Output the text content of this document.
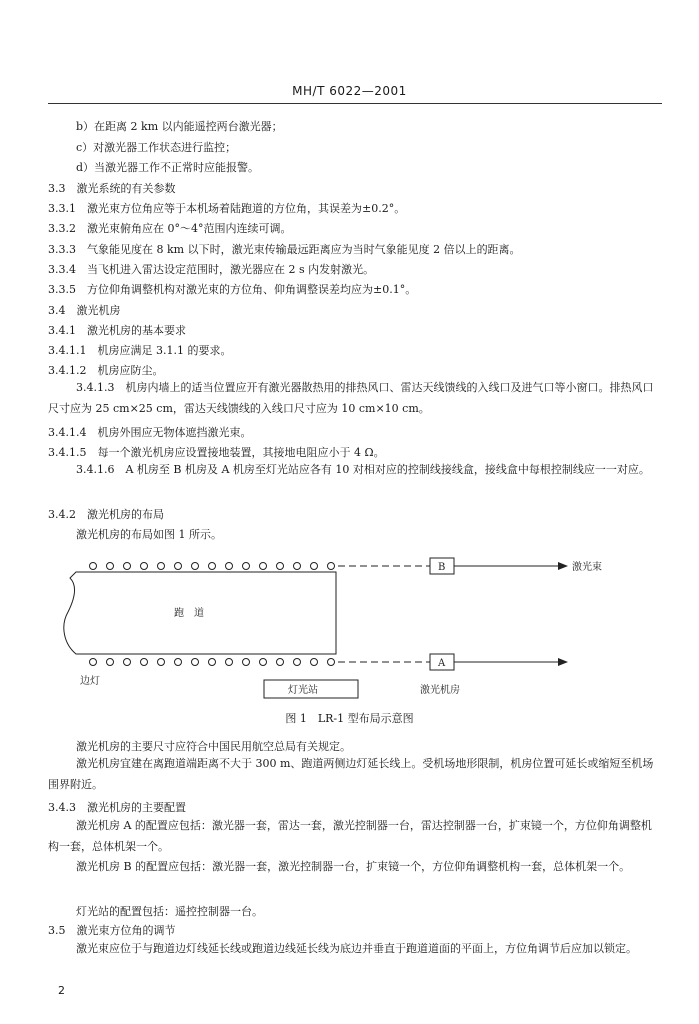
MH/T 6022—2001
b）在距离 2 km 以内能遥控两台激光器；
c）对激光器工作状态进行监控；
d）当激光器工作不正常时应能报警。
3.3　激光系统的有关参数
3.3.1　激光束方位角应等于本机场着陆跑道的方位角，其误差为±0.2°。
3.3.2　激光束俯角应在 0°～4°范围内连续可调。
3.3.3　气象能见度在 8 km 以下时，激光束传输最远距离应为当时气象能见度 2 倍以上的距离。
3.3.4　当飞机进入雷达设定范围时，激光器应在 2 s 内发射激光。
3.3.5　方位仰角调整机构对激光束的方位角、仰角调整误差均应为±0.1°。
3.4　激光机房
3.4.1　激光机房的基本要求
3.4.1.1　机房应满足 3.1.1 的要求。
3.4.1.2　机房应防尘。
3.4.1.3　机房内墙上的适当位置应开有激光器散热用的排热风口、雷达天线馈线的入线口及进气口等小窗口。排热风口尺寸应为 25 cm×25 cm，雷达天线馈线的入线口尺寸应为 10 cm×10 cm。
3.4.1.4　机房外围应无物体遮挡激光束。
3.4.1.5　每一个激光机房应设置接地装置，其接地电阻应小于 4 Ω。
3.4.1.6　A 机房至 B 机房及 A 机房至灯光站应各有 10 对相对应的控制线接线盒，接线盒中每根控制线应一一对应。
3.4.2　激光机房的布局
激光机房的布局如图 1 所示。
跑　道
B
A
激光束
边灯
灯光站	激光机房
图 1　LR-1 型布局示意图
激光机房的主要尺寸应符合中国民用航空总局有关规定。
激光机房宜建在离跑道端距离不大于 300 m、跑道两侧边灯延长线上。受机场地形限制，机房位置可延长或缩短至机场围界附近。
3.4.3　激光机房的主要配置
激光机房 A 的配置应包括：激光器一套，雷达一套，激光控制器一台，雷达控制器一台，扩束镜一个，方位仰角调整机构一套，总体机架一个。
激光机房 B 的配置应包括：激光器一套，激光控制器一台，扩束镜一个，方位仰角调整机构一套，总体机架一个。
灯光站的配置包括：遥控控制器一台。
3.5　激光束方位角的调节
激光束应位于与跑道边灯线延长线或跑道边线延长线为底边并垂直于跑道道面的平面上，方位角调节后应加以锁定。
2
